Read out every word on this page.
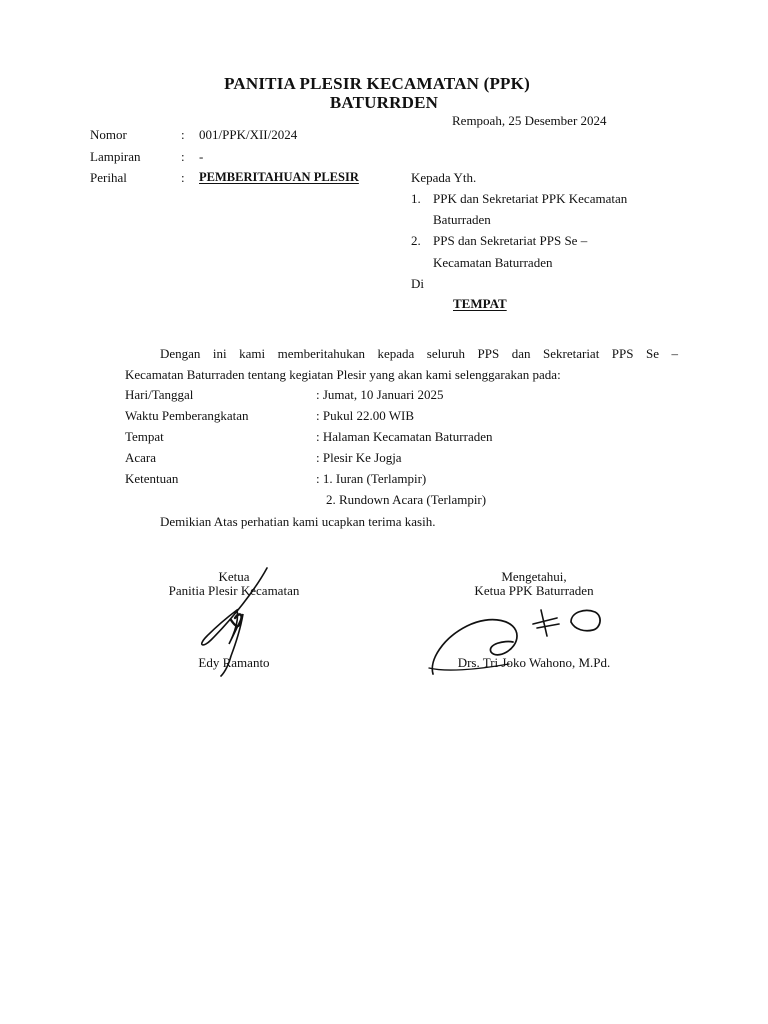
PANITIA PLESIR KECAMATAN (PPK)
BATURRDEN
Rempoah, 25 Desember 2024
Nomor	: 001/PPK/XII/2024
Lampiran	: -
Perihal	: PEMBERITAHUAN PLESIR	Kepada Yth.
1. PPK dan Sekretariat PPK Kecamatan
Baturraden
2. PPS dan Sekretariat PPS Se –
Kecamatan Baturraden
Di
TEMPAT
Dengan ini kami memberitahukan kepada seluruh PPS dan Sekretariat PPS Se –
Kecamatan Baturraden tentang kegiatan Plesir yang akan kami selenggarakan pada:
Hari/Tanggal	: Jumat, 10 Januari 2025
Waktu Pemberangkatan	: Pukul 22.00 WIB
Tempat	: Halaman Kecamatan Baturraden
Acara	: Plesir Ke Jogja
Ketentuan	: 1. Iuran (Terlampir)
2. Rundown Acara (Terlampir)
Demikian Atas perhatian kami ucapkan terima kasih.
Ketua
Panitia Plesir Kecamatan
Edy Ramanto
Mengetahui,
Ketua PPK Baturraden
Drs. Tri Joko Wahono, M.Pd.
